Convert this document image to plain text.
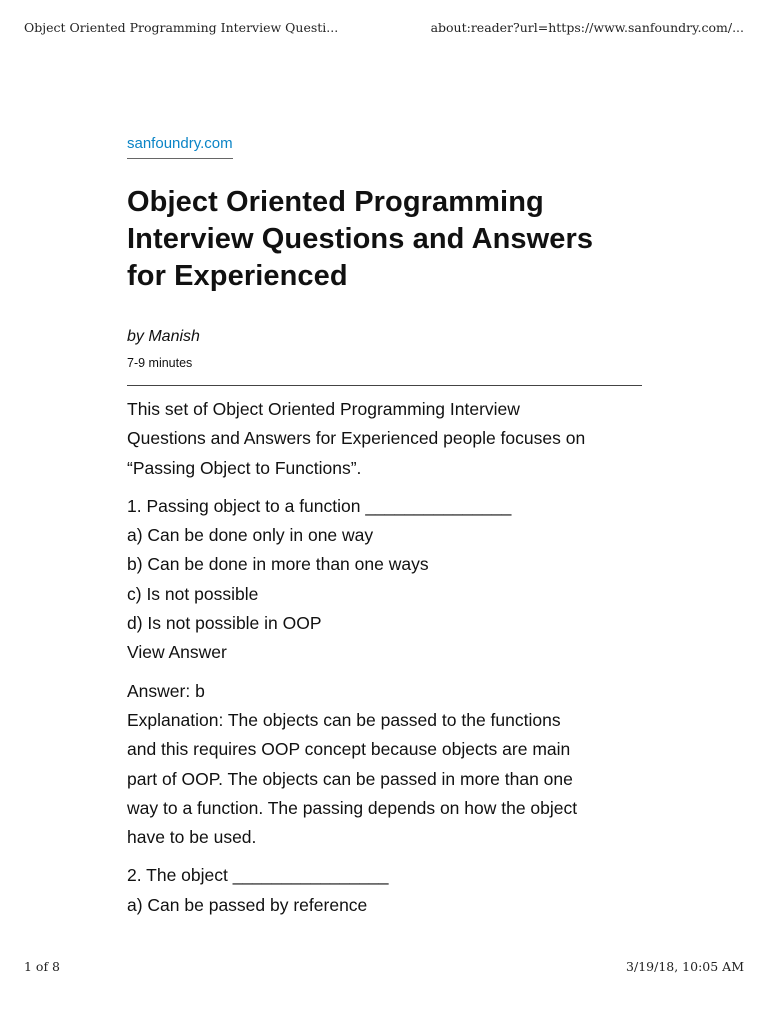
Object Oriented Programming Interview Questi...	about:reader?url=https://www.sanfoundry.com/...
sanfoundry.com
Object Oriented Programming
Interview Questions and Answers
for Experienced
by Manish
7-9 minutes

This set of Object Oriented Programming Interview
Questions and Answers for Experienced people focuses on
“Passing Object to Functions”.

1. Passing object to a function _______________
a) Can be done only in one way
b) Can be done in more than one ways
c) Is not possible
d) Is not possible in OOP
View Answer

Answer: b
Explanation: The objects can be passed to the functions
and this requires OOP concept because objects are main
part of OOP. The objects can be passed in more than one
way to a function. The passing depends on how the object
have to be used.

2. The object ________________
a) Can be passed by reference

1 of 8	3/19/18, 10:05 AM
